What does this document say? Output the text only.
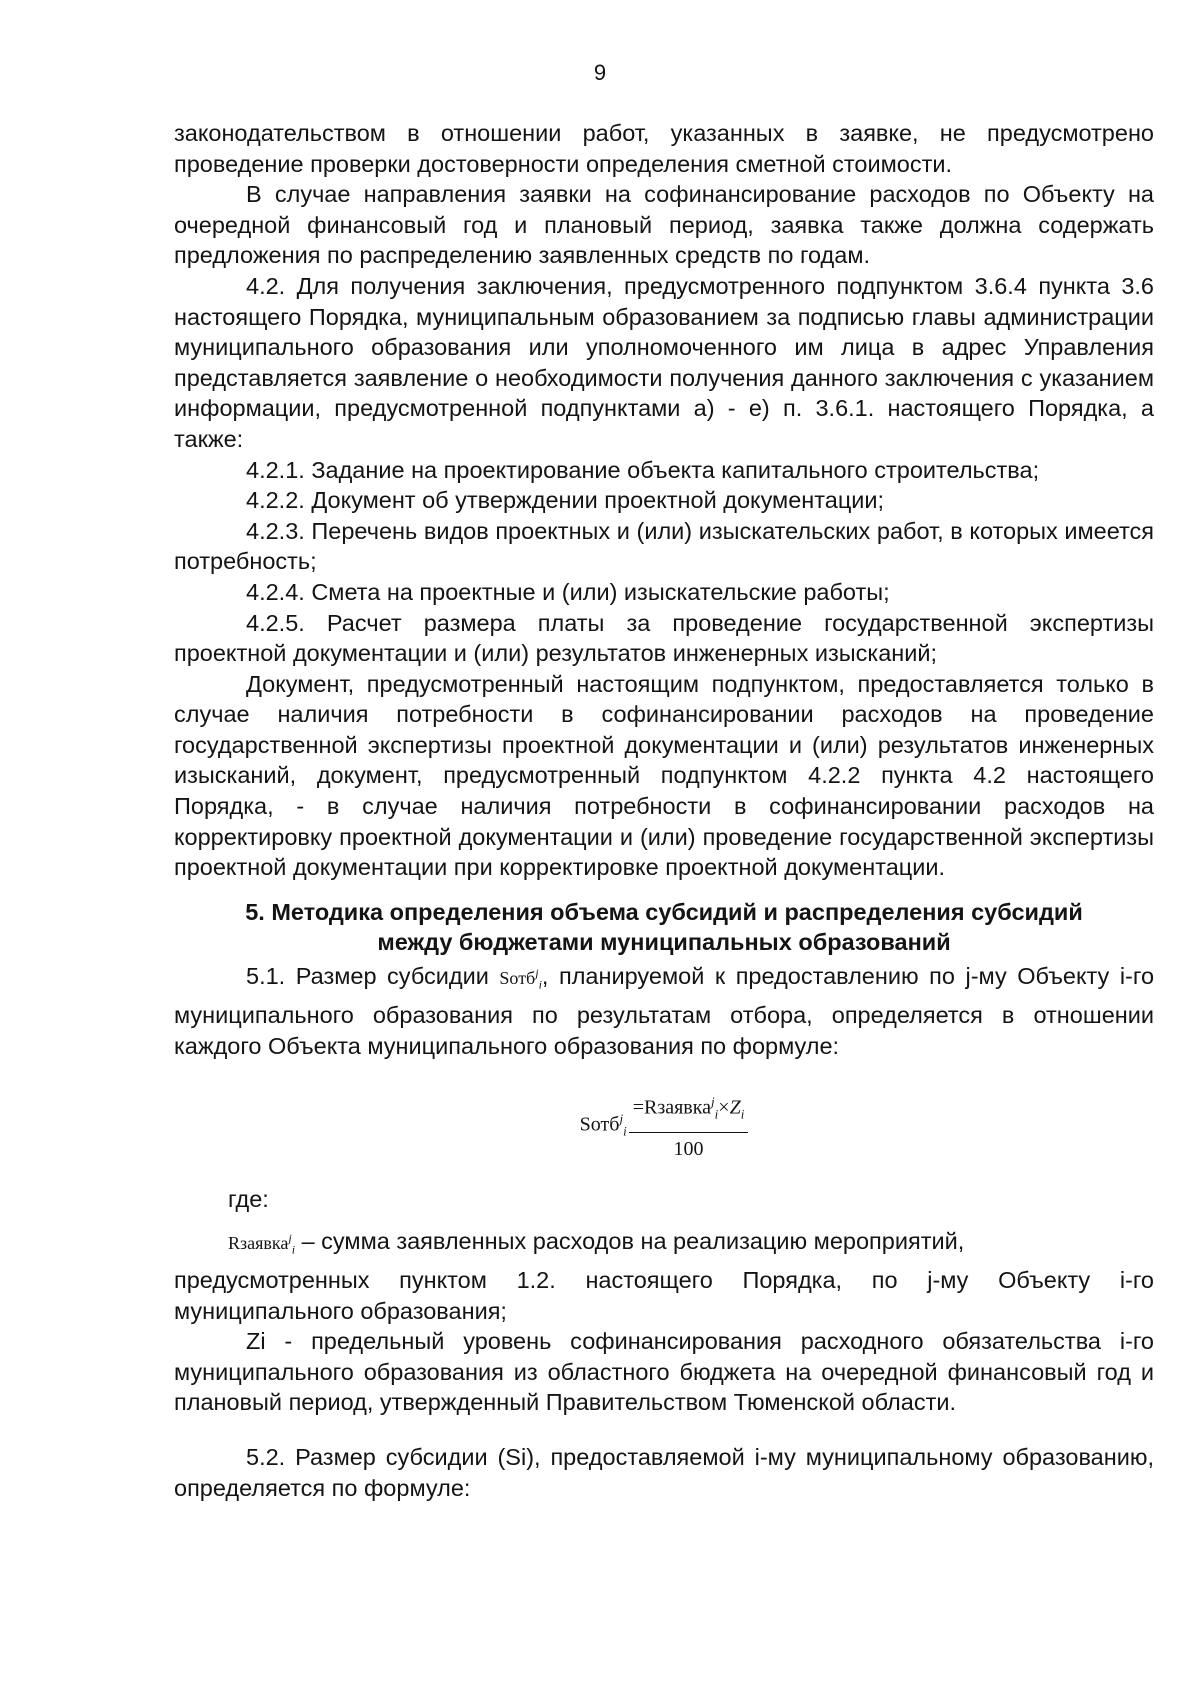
9

законодательством в отношении работ, указанных в заявке, не предусмотрено проведение проверки достоверности определения сметной стоимости.

В случае направления заявки на софинансирование расходов по Объекту на очередной финансовый год и плановый период, заявка также должна содержать предложения по распределению заявленных средств по годам.

4.2. Для получения заключения, предусмотренного подпунктом 3.6.4 пункта 3.6 настоящего Порядка, муниципальным образованием за подписью главы администрации муниципального образования или уполномоченного им лица в адрес Управления представляется заявление о необходимости получения данного заключения с указанием информации, предусмотренной подпунктами а) - е) п. 3.6.1. настоящего Порядка, а также:

4.2.1. Задание на проектирование объекта капитального строительства;

4.2.2. Документ об утверждении проектной документации;

4.2.3. Перечень видов проектных и (или) изыскательских работ, в которых имеется потребность;

4.2.4. Смета на проектные и (или) изыскательские работы;

4.2.5. Расчет размера платы за проведение государственной экспертизы проектной документации и (или) результатов инженерных изысканий;

Документ, предусмотренный настоящим подпунктом, предоставляется только в случае наличия потребности в софинансировании расходов на проведение государственной экспертизы проектной документации и (или) результатов инженерных изысканий, документ, предусмотренный подпунктом 4.2.2 пункта 4.2 настоящего Порядка, - в случае наличия потребности в софинансировании расходов на корректировку проектной документации и (или) проведение государственной экспертизы проектной документации при корректировке проектной документации.

5. Методика определения объема субсидий и распределения субсидий

между бюджетами муниципальных образований

5.1. Размер субсидии Sотб$^j_i$, планируемой к предоставлению по j-му Объекту i-го муниципального образования по результатам отбора, определяется в отношении каждого Объекта муниципального образования по формуле:

Sотб$^j_i$ $\frac{=Rзаявка^j_i\times Z_i}{100}$

где:

Rзаявка$^j_i$ – сумма заявленных расходов на реализацию мероприятий,

предусмотренных пунктом 1.2. настоящего Порядка, по j-му Объекту i-го муниципального образования;

Zi - предельный уровень софинансирования расходного обязательства i-го муниципального образования из областного бюджета на очередной финансовый год и плановый период, утвержденный Правительством Тюменской области.

5.2. Размер субсидии (Si), предоставляемой i-му муниципальному образованию, определяется по формуле:
